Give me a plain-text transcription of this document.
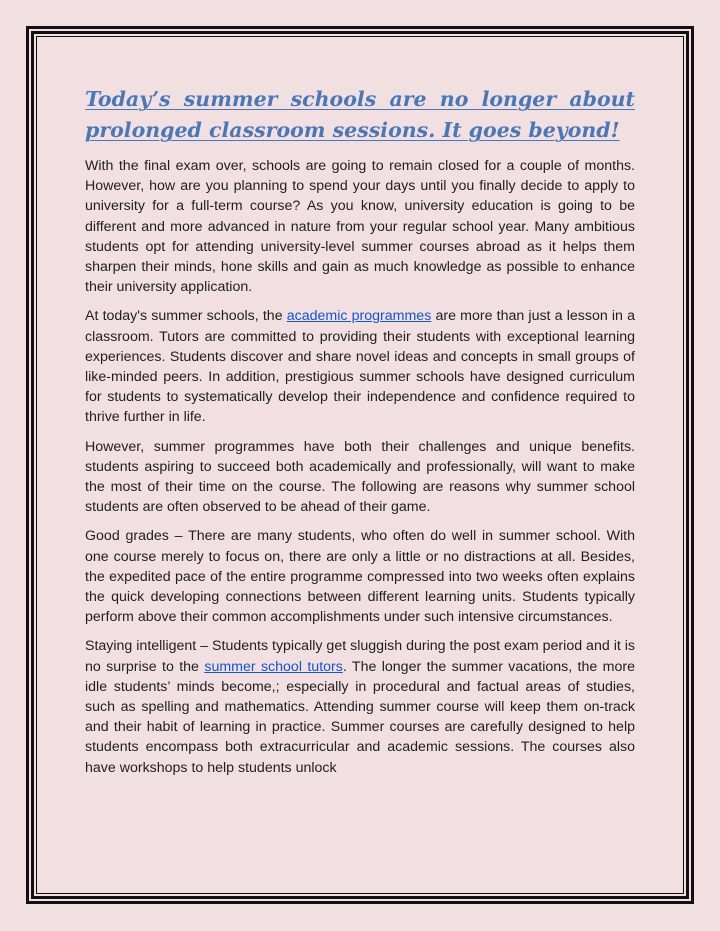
Today’s summer schools are no longer about
prolonged classroom sessions. It goes beyond!

With the final exam over, schools are going to remain closed for a couple of months. However, how are you planning to spend your days until you finally decide to apply to university for a full-term course? As you know, university education is going to be different and more advanced in nature from your regular school year. Many ambitious students opt for attending university-level summer courses abroad as it helps them sharpen their minds, hone skills and gain as much knowledge as possible to enhance their university application.

At today's summer schools, the academic programmes are more than just a lesson in a classroom. Tutors are committed to providing their students with exceptional learning experiences. Students discover and share novel ideas and concepts in small groups of like-minded peers. In addition, prestigious summer schools have designed curriculum for students to systematically develop their independence and confidence required to thrive further in life.

However, summer programmes have both their challenges and unique benefits. students aspiring to succeed both academically and professionally, will want to make the most of their time on the course. The following are reasons why summer school students are often observed to be ahead of their game.

Good grades – There are many students, who often do well in summer school. With one course merely to focus on, there are only a little or no distractions at all. Besides, the expedited pace of the entire programme compressed into two weeks often explains the quick developing connections between different learning units. Students typically perform above their common accomplishments under such intensive circumstances.

Staying intelligent – Students typically get sluggish during the post exam period and it is no surprise to the summer school tutors. The longer the summer vacations, the more idle students’ minds become,; especially in procedural and factual areas of studies, such as spelling and mathematics. Attending summer course will keep them on-track and their habit of learning in practice. Summer courses are carefully designed to help students encompass both extracurricular and academic sessions. The courses also have workshops to help students unlock
